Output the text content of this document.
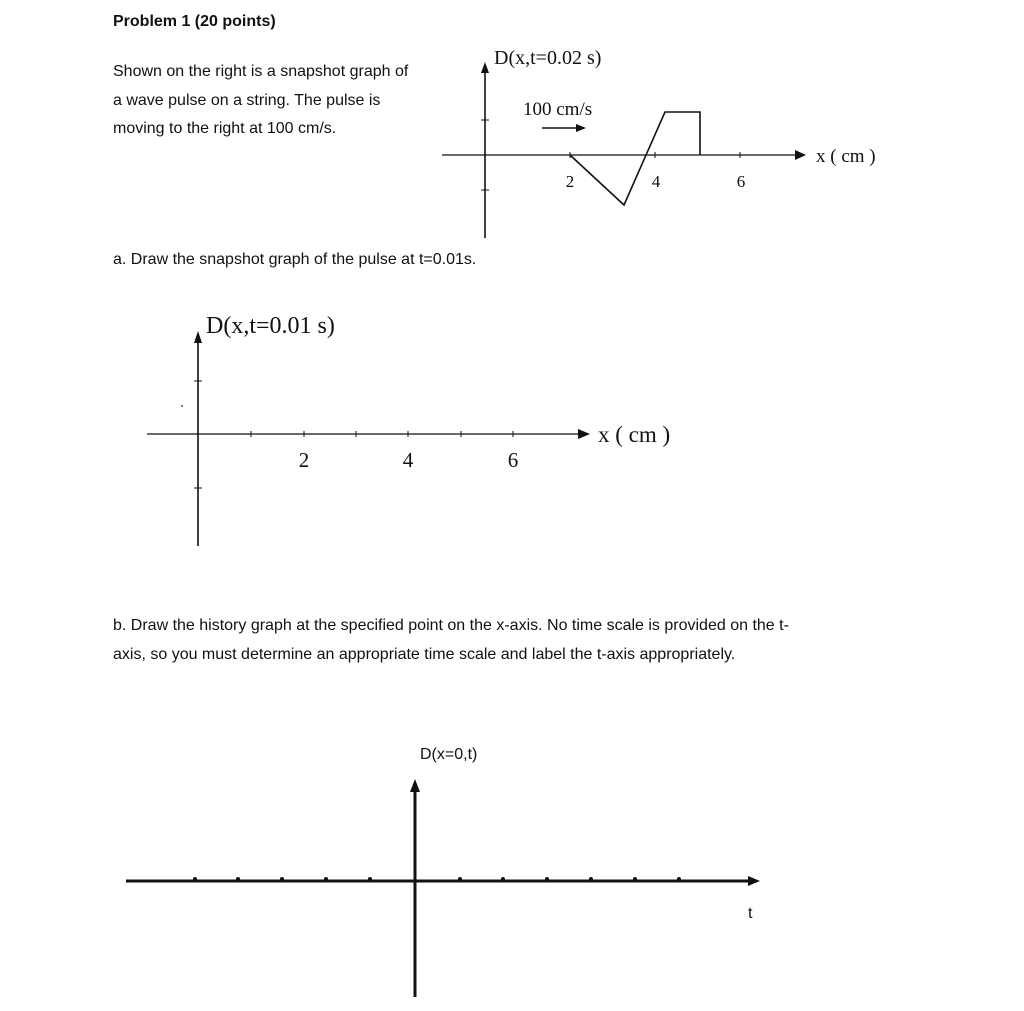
Problem 1 (20 points)
Shown on the right is a snapshot graph of
a wave pulse on a string. The pulse is
moving to the right at 100 cm/s.
a. Draw the snapshot graph of the pulse at t=0.01s.
b. Draw the history graph at the specified point on the x-axis. No time scale is provided on the t-
axis, so you must determine an appropriate time scale and label the t-axis appropriately.
D(x,t=0.02 s)
100 cm/s
x ( cm )
2	4	6
D(x,t=0.01 s)
x ( cm )
2	4	6
D(x=0,t)
t
